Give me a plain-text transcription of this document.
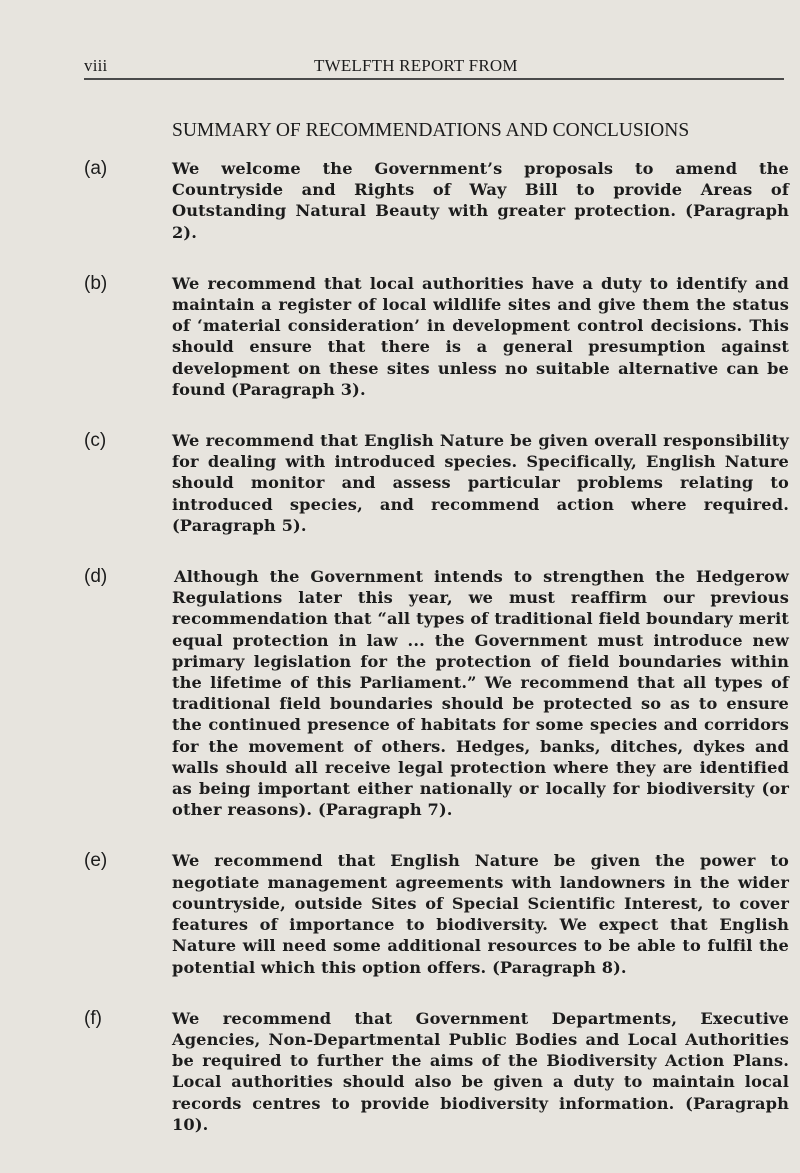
viii	TWELFTH REPORT FROM
SUMMARY OF RECOMMENDATIONS AND CONCLUSIONS
(a)	We welcome the Government’s proposals to amend the Countryside and Rights of Way Bill to provide Areas of Outstanding Natural Beauty with greater protection. (Paragraph 2).
(b)	We recommend that local authorities have a duty to identify and maintain a register of local wildlife sites and give them the status of ‘material consideration’ in development control decisions. This should ensure that there is a general presumption against development on these sites unless no suitable alternative can be found (Paragraph 3).
(c)	We recommend that English Nature be given overall responsibility for dealing with introduced species. Specifically, English Nature should monitor and assess particular problems relating to introduced species, and recommend action where required. (Paragraph 5).
(d)	Although the Government intends to strengthen the Hedgerow Regulations later this year, we must reaffirm our previous recommendation that “all types of traditional field boundary merit equal protection in law ... the Government must introduce new primary legislation for the protection of field boundaries within the lifetime of this Parliament.” We recommend that all types of traditional field boundaries should be protected so as to ensure the continued presence of habitats for some species and corridors for the movement of others. Hedges, banks, ditches, dykes and walls should all receive legal protection where they are identified as being important either nationally or locally for biodiversity (or other reasons). (Paragraph 7).
(e)	We recommend that English Nature be given the power to negotiate management agreements with landowners in the wider countryside, outside Sites of Special Scientific Interest, to cover features of importance to biodiversity. We expect that English Nature will need some additional resources to be able to fulfil the potential which this option offers. (Paragraph 8).
(f)	We recommend that Government Departments, Executive Agencies, Non-Departmental Public Bodies and Local Authorities be required to further the aims of the Biodiversity Action Plans. Local authorities should also be given a duty to maintain local records centres to provide biodiversity information. (Paragraph 10).
